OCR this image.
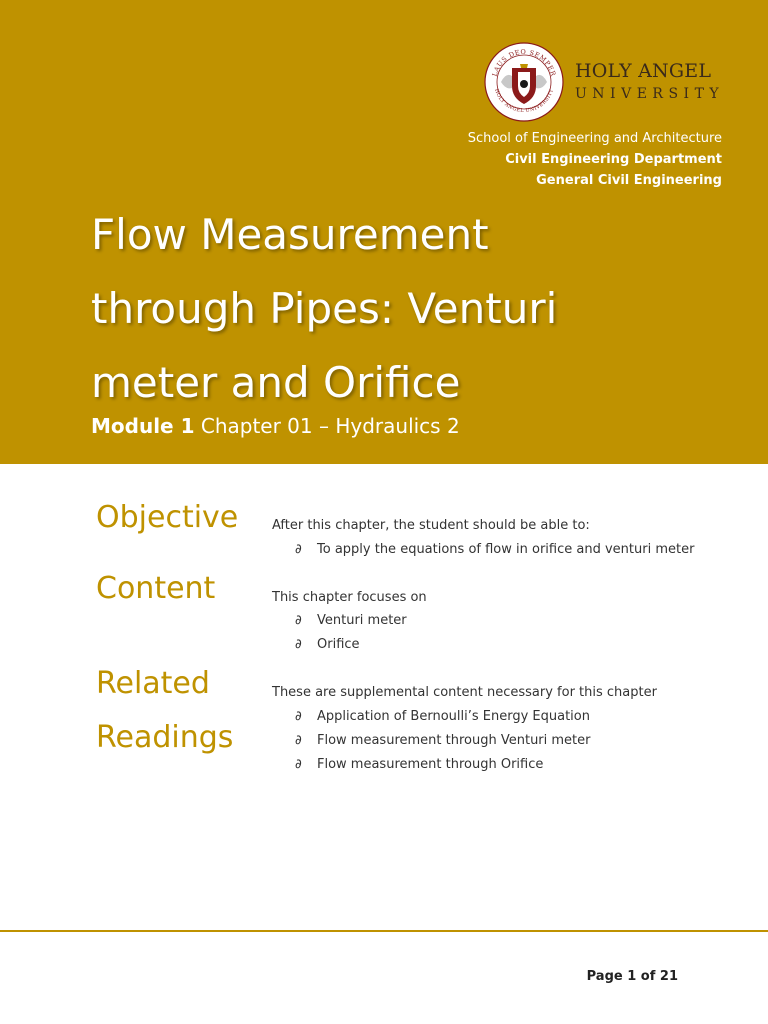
LAUS DEO SEMPER
HOLY ANGEL UNIVERSITY
HOLY ANGEL
UNIVERSITY
School of Engineering and Architecture
Civil Engineering Department
General Civil Engineering
Flow Measurement
through Pipes: Venturi
meter and Orifice
Module 1 Chapter 01 – Hydraulics 2
Objective	After this chapter, the student should be able to:
∂ To apply the equations of flow in orifice and venturi meter
Content	This chapter focuses on
∂ Venturi meter
∂ Orifice
Related
Readings
These are supplemental content necessary for this chapter
∂ Application of Bernoulli’s Energy Equation
∂ Flow measurement through Venturi meter
∂ Flow measurement through Orifice
Page 1 of 21
